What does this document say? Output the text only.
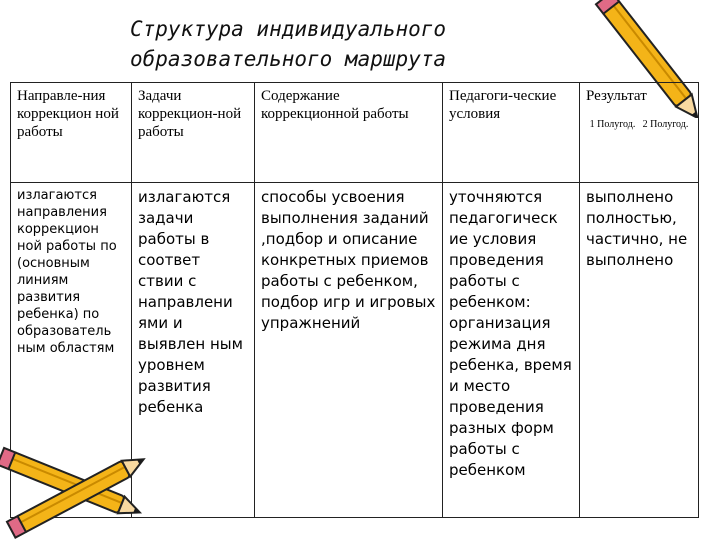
Структура индивидуального
образовательного маршрута
Направле-ния коррекцион ной работы	Задачи коррекцион-ной работы	Содержание коррекционной работы	Педагоги-ческие условия	Результат
1 Полугод. 2 Полугод.

излагаются направления коррекцион ной работы по (основным линиям развития ребенка) по образователь ным областям	излагаются задачи работы в соответ ствии с направлени ями и выявлен ным уровнем развития ребенка	способы усвоения выполнения заданий ,подбор и описание конкретных приемов работы с ребенком, подбор игр и игровых упражнений	уточняются педагогическ ие условия проведения работы с ребенком: организация режима дня ребенка, время и место проведения разных форм работы с ребенком	выполнено полностью, частично, не выполнено
